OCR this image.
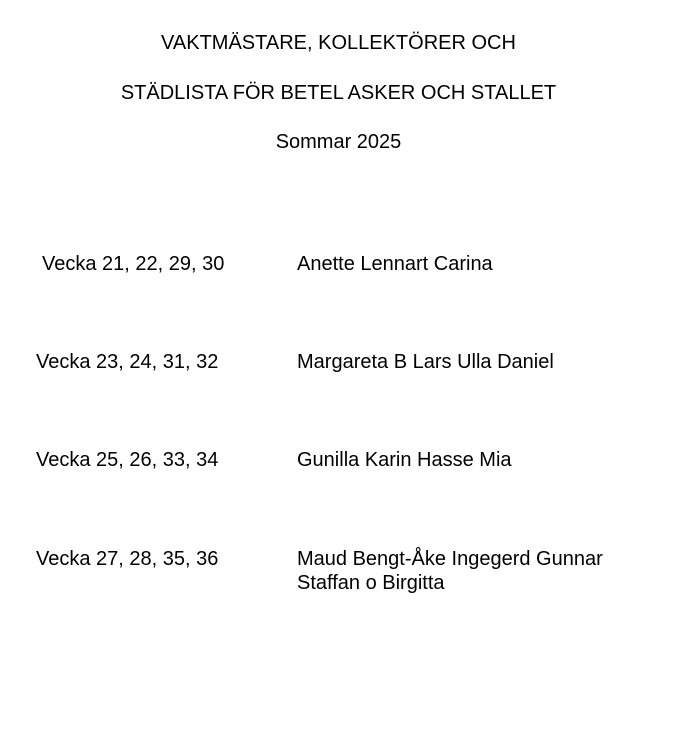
VAKTMÄSTARE, KOLLEKTÖRER OCH
STÄDLISTA FÖR BETEL ASKER OCH STALLET
Sommar 2025
Vecka 21, 22, 29, 30	Anette Lennart Carina
Vecka 23, 24, 31, 32	Margareta B Lars Ulla Daniel
Vecka 25, 26, 33, 34	Gunilla Karin Hasse Mia
Vecka 27, 28, 35, 36	Maud Bengt-Åke Ingegerd Gunnar
Staffan o Birgitta
